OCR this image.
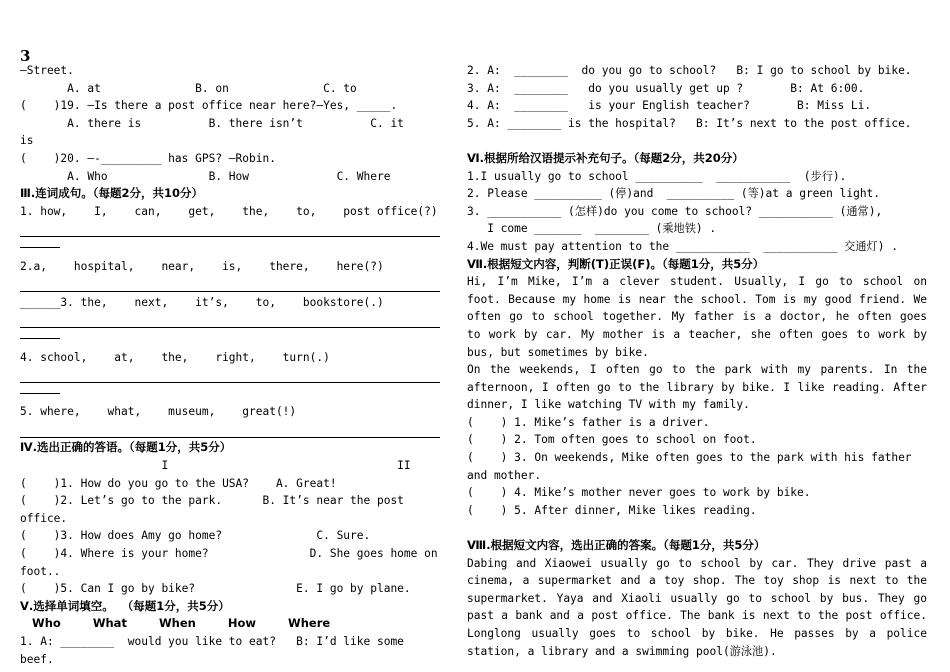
3
—Street.
A. at              B. on              C. to
(    )19. –Is there a post office near here?—Yes, _____.
A. there is          B. there isn’t          C. it
is
(    )20. —-_________ has GPS? –Robin.
A. Who               B. How             C. Where
Ⅲ.连词成句。（每题2分，共10分）
1. how,    I,    can,    get,    the,    to,    post office(?)
2.a,    hospital,    near,    is,    there,    here(?)
______3. the,    next,    it’s,    to,    bookstore(.)
4. school,    at,    the,    right,    turn(.)
5. where,    what,    museum,    great(!)
Ⅳ.选出正确的答语。（每题1分，共5分）
I                                  II
(    )1. How do you go to the USA?    A. Great!
(    )2. Let’s go to the park.      B. It’s near the post
office.
(    )3. How does Amy go home?              C. Sure.
(    )4. Where is your home?               D. She goes home on
foot..
(    )5. Can I go by bike?               E. I go by plane.
Ⅴ.选择单词填空。  （每题1分，共5分）
Who        What        When        How        Where
1. A: ________  would you like to eat?   B: I’d like some
beef.
2. A:  ________  do you go to school?   B: I go to school by bike.
3. A:  ________   do you usually get up ?       B: At 6:00.
4. A:  ________   is your English teacher?       B: Miss Li.
5. A: ________ is the hospital?   B: It’s next to the post office.
Ⅵ.根据所给汉语提示补充句子。（每题2分，共20分）
1.I usually go to school __________  ___________  (步行).
2. Please __________ (停)and  __________ (等)at a green light.
3. ___________ (怎样)do you come to school? ___________ (通常),
I come _______  ________ (乘地铁) .
4.We must pay attention to the ___________  ___________ 交通灯) .
Ⅶ.根据短文内容，判断(T)正误(F)。（每题1分，共5分）
Hi, I’m Mike, I’m a clever student. Usually, I go to school on
foot. Because my home is near the school. Tom is my good friend. We
often go to school together. My father is a doctor, he often goes
to work by car. My mother is a teacher, she often goes to work by
bus, but sometimes by bike.
On the weekends, I often go to the park with my parents. In the
afternoon, I often go to the library by bike. I like reading. After
dinner, I like watching TV with my family.
(    ) 1. Mike’s father is a driver.
(    ) 2. Tom often goes to school on foot.
(    ) 3. On weekends, Mike often goes to the park with his father
and mother.
(    ) 4. Mike’s mother never goes to work by bike.
(    ) 5. After dinner, Mike likes reading.
Ⅷ.根据短文内容，选出正确的答案。（每题1分，共5分）
Dabing and Xiaowei usually go to school by car. They drive past a
cinema, a supermarket and a toy shop. The toy shop is next to the
supermarket. Yaya and Xiaoli usually go to school by bus. They go
past a bank and a post office. The bank is next to the post office.
Longlong usually goes to school by bike. He passes by a police
station, a library and a swimming pool(游泳池).
